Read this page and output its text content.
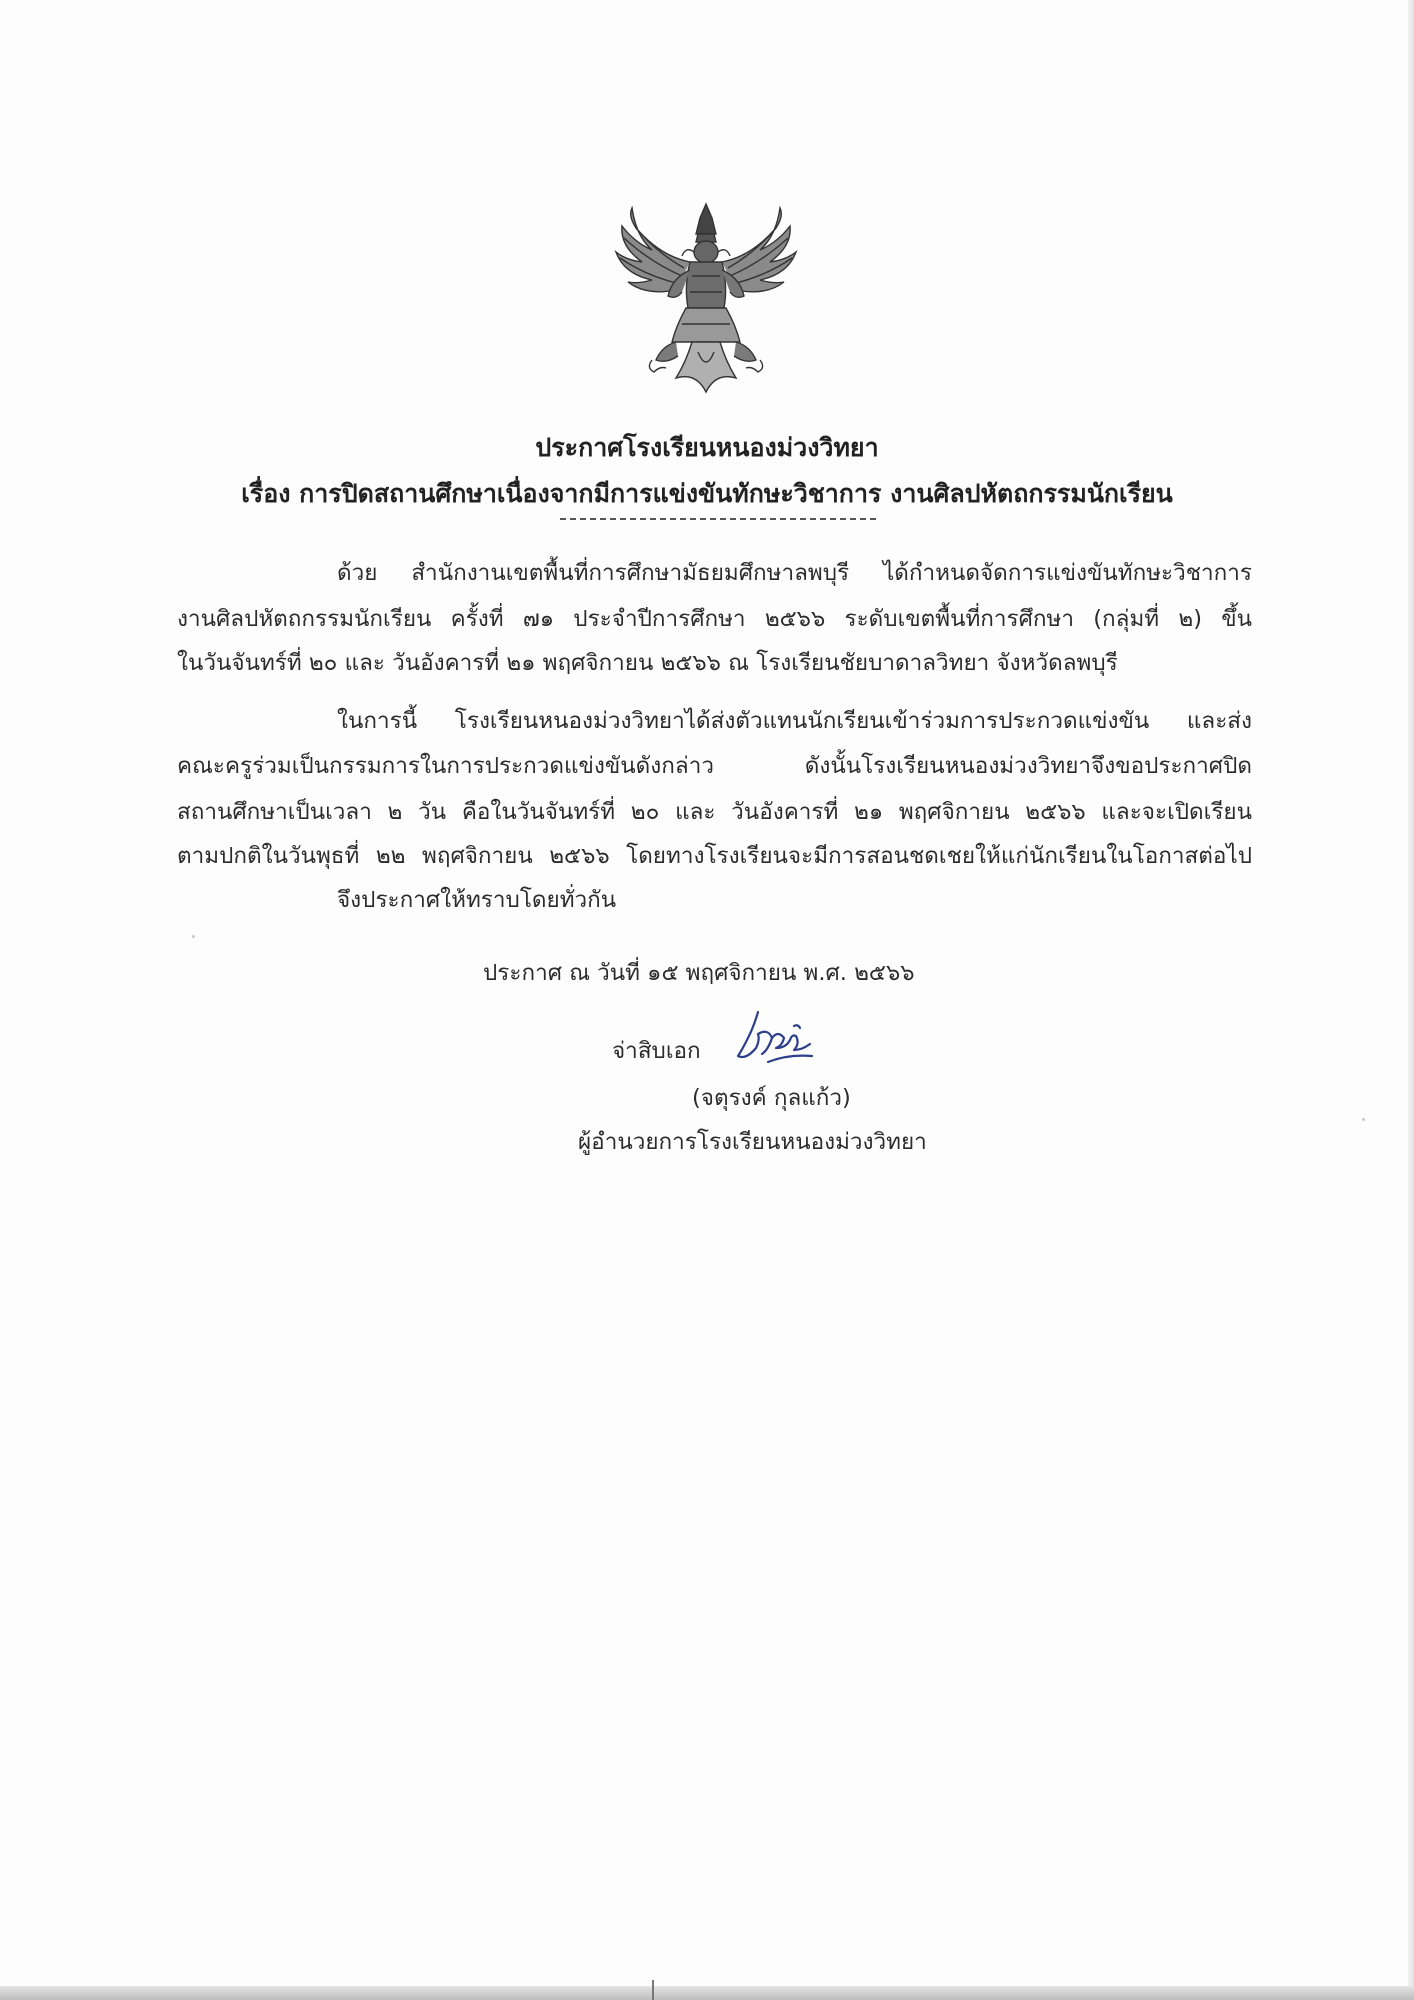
ประกาศโรงเรียนหนองม่วงวิทยา
เรื่อง การปิดสถานศึกษาเนื่องจากมีการแข่งขันทักษะวิชาการ งานศิลปหัตถกรรมนักเรียน
ด้วย สำนักงานเขตพื้นที่การศึกษามัธยมศึกษาลพบุรี ได้กำหนดจัดการแข่งขันทักษะวิชาการ
งานศิลปหัตถกรรมนักเรียน ครั้งที่ ๗๑ ประจำปีการศึกษา ๒๕๖๖ ระดับเขตพื้นที่การศึกษา (กลุ่มที่ ๒) ขึ้น
ในวันจันทร์ที่ ๒๐ และ วันอังคารที่ ๒๑ พฤศจิกายน ๒๕๖๖ ณ โรงเรียนชัยบาดาลวิทยา จังหวัดลพบุรี
ในการนี้ โรงเรียนหนองม่วงวิทยาได้ส่งตัวแทนนักเรียนเข้าร่วมการประกวดแข่งขัน และส่ง
คณะครูร่วมเป็นกรรมการในการประกวดแข่งขันดังกล่าว ดังนั้นโรงเรียนหนองม่วงวิทยาจึงขอประกาศปิด
สถานศึกษาเป็นเวลา ๒ วัน คือในวันจันทร์ที่ ๒๐ และ วันอังคารที่ ๒๑ พฤศจิกายน ๒๕๖๖ และจะเปิดเรียน
ตามปกติในวันพุธที่ ๒๒ พฤศจิกายน ๒๕๖๖ โดยทางโรงเรียนจะมีการสอนชดเชยให้แก่นักเรียนในโอกาสต่อไป
จึงประกาศให้ทราบโดยทั่วกัน
ประกาศ ณ วันที่ ๑๕ พฤศจิกายน พ.ศ. ๒๕๖๖
จ่าสิบเอก
(จตุรงค์ กุลแก้ว)
ผู้อำนวยการโรงเรียนหนองม่วงวิทยา
